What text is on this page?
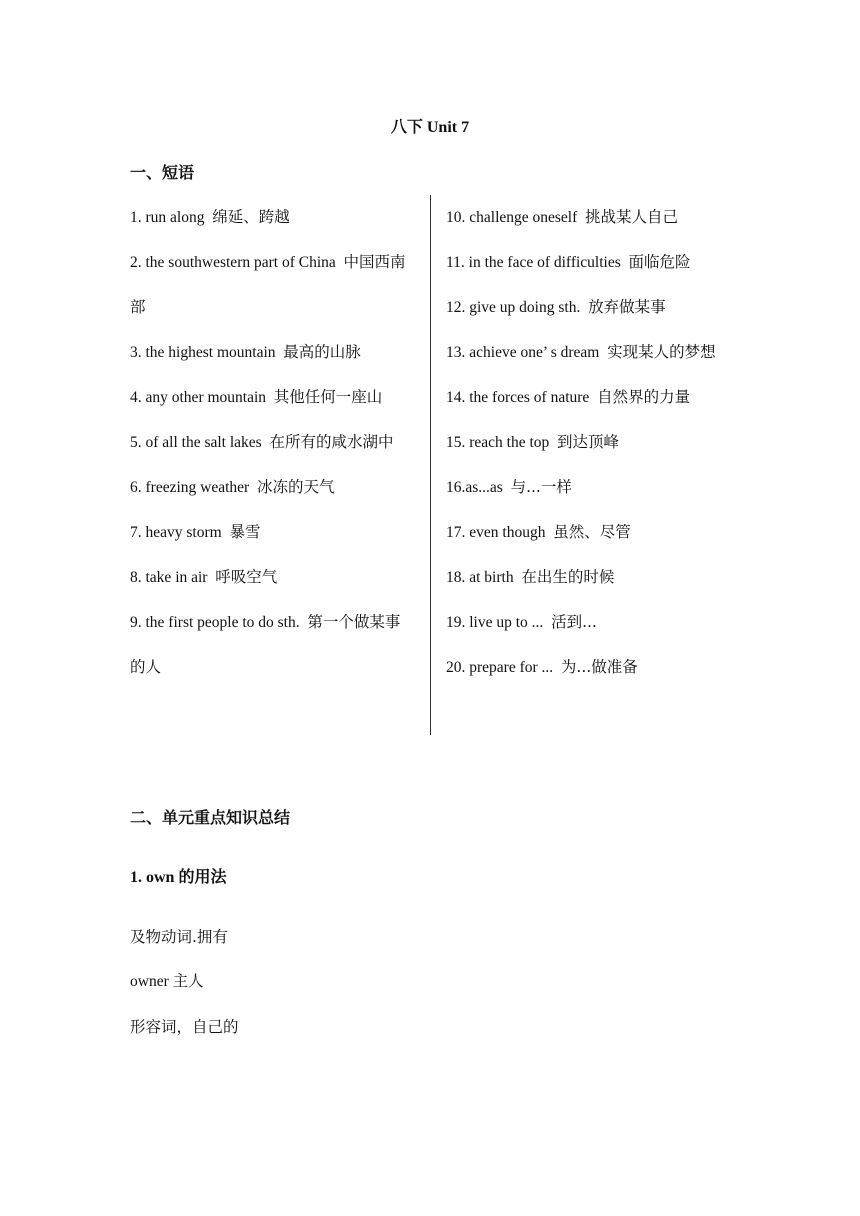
八下 Unit 7
一、短语
1. run along 绵延、跨越
2. the southwestern part of China 中国西南部
3. the highest mountain 最高的山脉
4. any other mountain 其他任何一座山
5. of all the salt lakes 在所有的咸水湖中
6. freezing weather 冰冻的天气
7. heavy storm 暴雪
8. take in air 呼吸空气
9. the first people to do sth. 第一个做某事的人
10. challenge oneself 挑战某人自己
11. in the face of difficulties 面临危险
12. give up doing sth. 放弃做某事
13. achieve one’ s dream 实现某人的梦想
14. the forces of nature 自然界的力量
15. reach the top 到达顶峰
16.as...as 与...一样
17. even though 虽然、尽管
18. at birth 在出生的时候
19. live up to ... 活到...
20. prepare for ... 为...做准备
二、单元重点知识总结
1. own 的用法
及物动词.拥有
owner 主人
形容词，自己的
